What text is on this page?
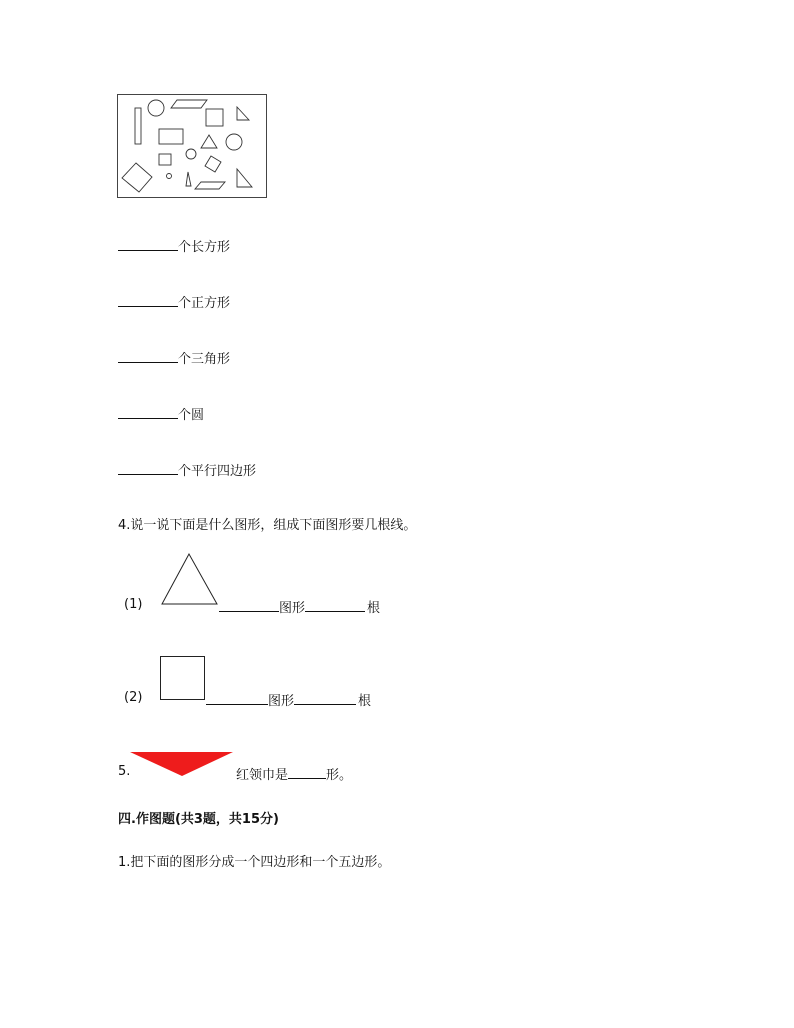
个长方形
个正方形
个三角形
个圆
个平行四边形
4.说一说下面是什么图形，组成下面图形要几根线。
(1)	图形	根
(2)	图形	根
5.	红领巾是	形。
四.作图题(共3题，共15分)
1.把下面的图形分成一个四边形和一个五边形。
